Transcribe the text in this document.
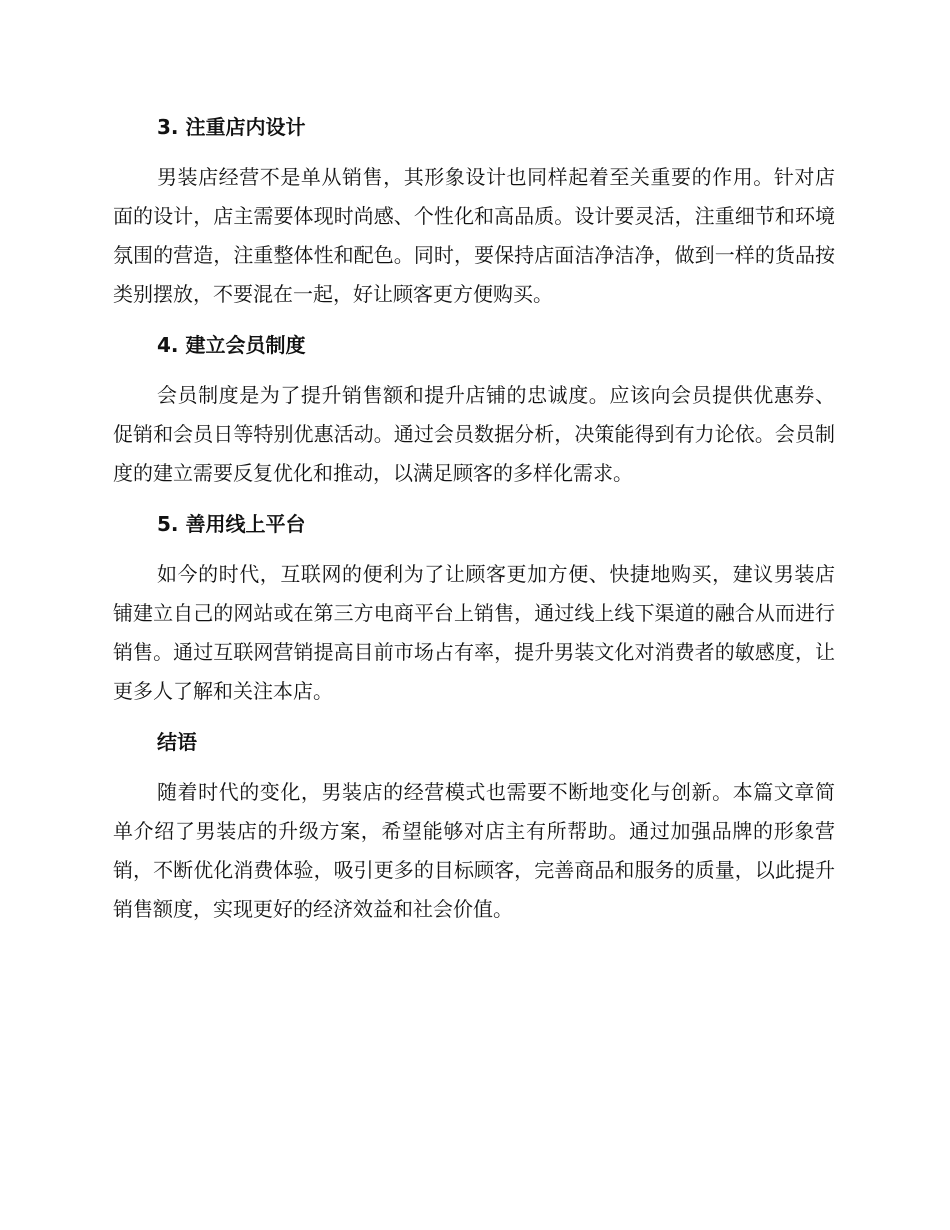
3. 注重店内设计

男装店经营不是单从销售，其形象设计也同样起着至关重要的作用。针对店面的设计，店主需要体现时尚感、个性化和高品质。设计要灵活，注重细节和环境氛围的营造，注重整体性和配色。同时，要保持店面洁净洁净，做到一样的货品按类别摆放，不要混在一起，好让顾客更方便购买。

4. 建立会员制度

会员制度是为了提升销售额和提升店铺的忠诚度。应该向会员提供优惠券、促销和会员日等特别优惠活动。通过会员数据分析，决策能得到有力论依。会员制度的建立需要反复优化和推动，以满足顾客的多样化需求。

5. 善用线上平台

如今的时代，互联网的便利为了让顾客更加方便、快捷地购买，建议男装店铺建立自己的网站或在第三方电商平台上销售，通过线上线下渠道的融合从而进行销售。通过互联网营销提高目前市场占有率，提升男装文化对消费者的敏感度，让更多人了解和关注本店。

结语

随着时代的变化，男装店的经营模式也需要不断地变化与创新。本篇文章简单介绍了男装店的升级方案，希望能够对店主有所帮助。通过加强品牌的形象营销，不断优化消费体验，吸引更多的目标顾客，完善商品和服务的质量，以此提升销售额度，实现更好的经济效益和社会价值。
